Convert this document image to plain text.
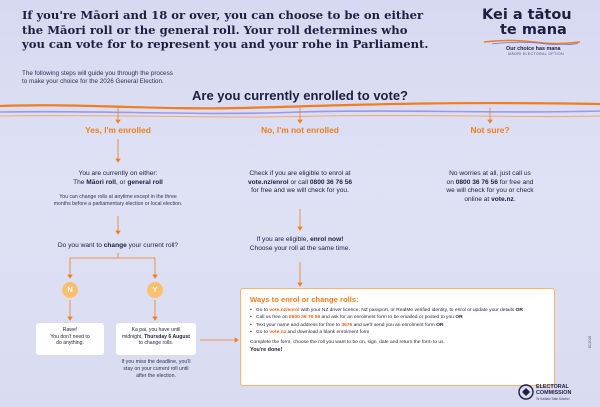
If you're Māori and 18 or over, you can choose to be on either
the Māori roll or the general roll. Your roll determines who
you can vote for to represent you and your rohe in Parliament.
Kei a tātou
te mana
Our choice has mana
MĀORI ELECTORAL OPTION
The following steps will guide you through the process
to make your choice for the 2026 General Election.
Are you currently enrolled to vote?
Yes, I'm enrolled
You are currently on either:
The Māori roll, or general roll
You can change rolls at anytime except in the three
months before a parliamentary election or local election.
Do you want to change your current roll?
N	Y
Rawe!
You don't need to
do anything.
Ka pai, you have until
midnight, Thursday 6 August
to change rolls.
If you miss the deadline, you'll
stay on your current roll until
after the election.
No, I'm not enrolled
Check if you are eligible to enrol at
vote.nz/enrol or call 0800 36 76 56
for free and we will check for you.
If you are eligible, enrol now!
Choose your roll at the same time.
Not sure?
No worries at all, just call us
on 0800 36 76 56 for free and
we will check for you or check
online at vote.nz.
Ways to enrol or change rolls:
• Go to vote.nz/enrol with your NZ driver licence, NZ passport, or RealMe verified identity, to enrol or update your details OR
• Call us free on 0800 36 76 56 and ask for an enrolment form to be emailed or posted to you OR
• Text your name and address for free to 3676 and we'll send you an enrolment form OR
• Go to vote.nz and download a blank enrolment form
Complete the form, choose the roll you want to be on, sign, date and return the form to us.
You're done!
ELECTORAL
COMMISSION
Te Kaitiaki Take Kōwhiri
EC2026
